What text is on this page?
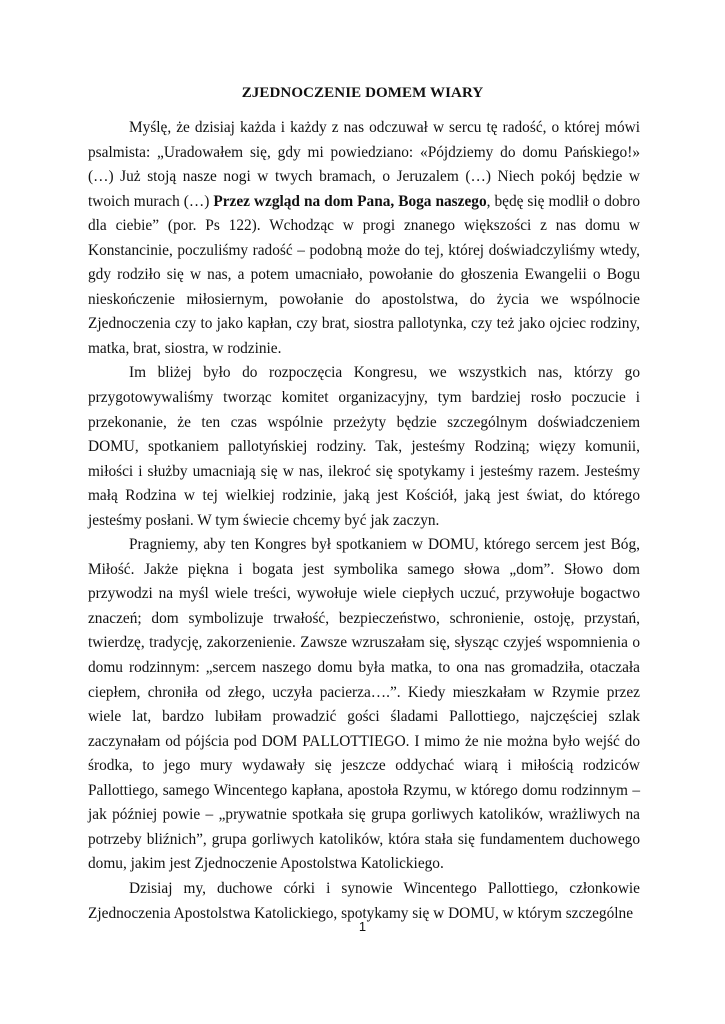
ZJEDNOCZENIE DOMEM WIARY

Myślę, że dzisiaj każda i każdy z nas odczuwał w sercu tę radość, o której mówi psalmista: „Uradowałem się, gdy mi powiedziano: «Pójdziemy do domu Pańskiego!» (…) Już stoją nasze nogi w twych bramach, o Jeruzalem (…) Niech pokój będzie w twoich murach (…) Przez wzgląd na dom Pana, Boga naszego, będę się modlił o dobro dla ciebie” (por. Ps 122). Wchodząc w progi znanego większości z nas domu w Konstancinie, poczuliśmy radość – podobną może do tej, której doświadczyliśmy wtedy, gdy rodziło się w nas, a potem umacniało, powołanie do głoszenia Ewangelii o Bogu nieskończenie miłosiernym, powołanie do apostolstwa, do życia we wspólnocie Zjednoczenia czy to jako kapłan, czy brat, siostra pallotynka, czy też jako ojciec rodziny, matka, brat, siostra, w rodzinie.

Im bliżej było do rozpoczęcia Kongresu, we wszystkich nas, którzy go przygotowywaliśmy tworząc komitet organizacyjny, tym bardziej rosło poczucie i przekonanie, że ten czas wspólnie przeżyty będzie szczególnym doświadczeniem DOMU, spotkaniem pallotyńskiej rodziny. Tak, jesteśmy Rodziną; więzy komunii, miłości i służby umacniają się w nas, ilekroć się spotykamy i jesteśmy razem. Jesteśmy małą Rodzina w tej wielkiej rodzinie, jaką jest Kościół, jaką jest świat, do którego jesteśmy posłani. W tym świecie chcemy być jak zaczyn.

Pragniemy, aby ten Kongres był spotkaniem w DOMU, którego sercem jest Bóg, Miłość. Jakże piękna i bogata jest symbolika samego słowa „dom”. Słowo dom przywodzi na myśl wiele treści, wywołuje wiele ciepłych uczuć, przywołuje bogactwo znaczeń; dom symbolizuje trwałość, bezpieczeństwo, schronienie, ostoję, przystań, twierdzę, tradycję, zakorzenienie. Zawsze wzruszałam się, słysząc czyjeś wspomnienia o domu rodzinnym: „sercem naszego domu była matka, to ona nas gromadziła, otaczała ciepłem, chroniła od złego, uczyła pacierza….”. Kiedy mieszkałam w Rzymie przez wiele lat, bardzo lubiłam prowadzić gości śladami Pallottiego, najczęściej szlak zaczynałam od pójścia pod DOM PALLOTTIEGO. I mimo że nie można było wejść do środka, to jego mury wydawały się jeszcze oddychać wiarą i miłością rodziców Pallottiego, samego Wincentego kapłana, apostoła Rzymu, w którego domu rodzinnym – jak później powie – „prywatnie spotkała się grupa gorliwych katolików, wrażliwych na potrzeby bliźnich”, grupa gorliwych katolików, która stała się fundamentem duchowego domu, jakim jest Zjednoczenie Apostolstwa Katolickiego.

Dzisiaj my, duchowe córki i synowie Wincentego Pallottiego, członkowie Zjednoczenia Apostolstwa Katolickiego, spotykamy się w DOMU, w którym szczególne

1
